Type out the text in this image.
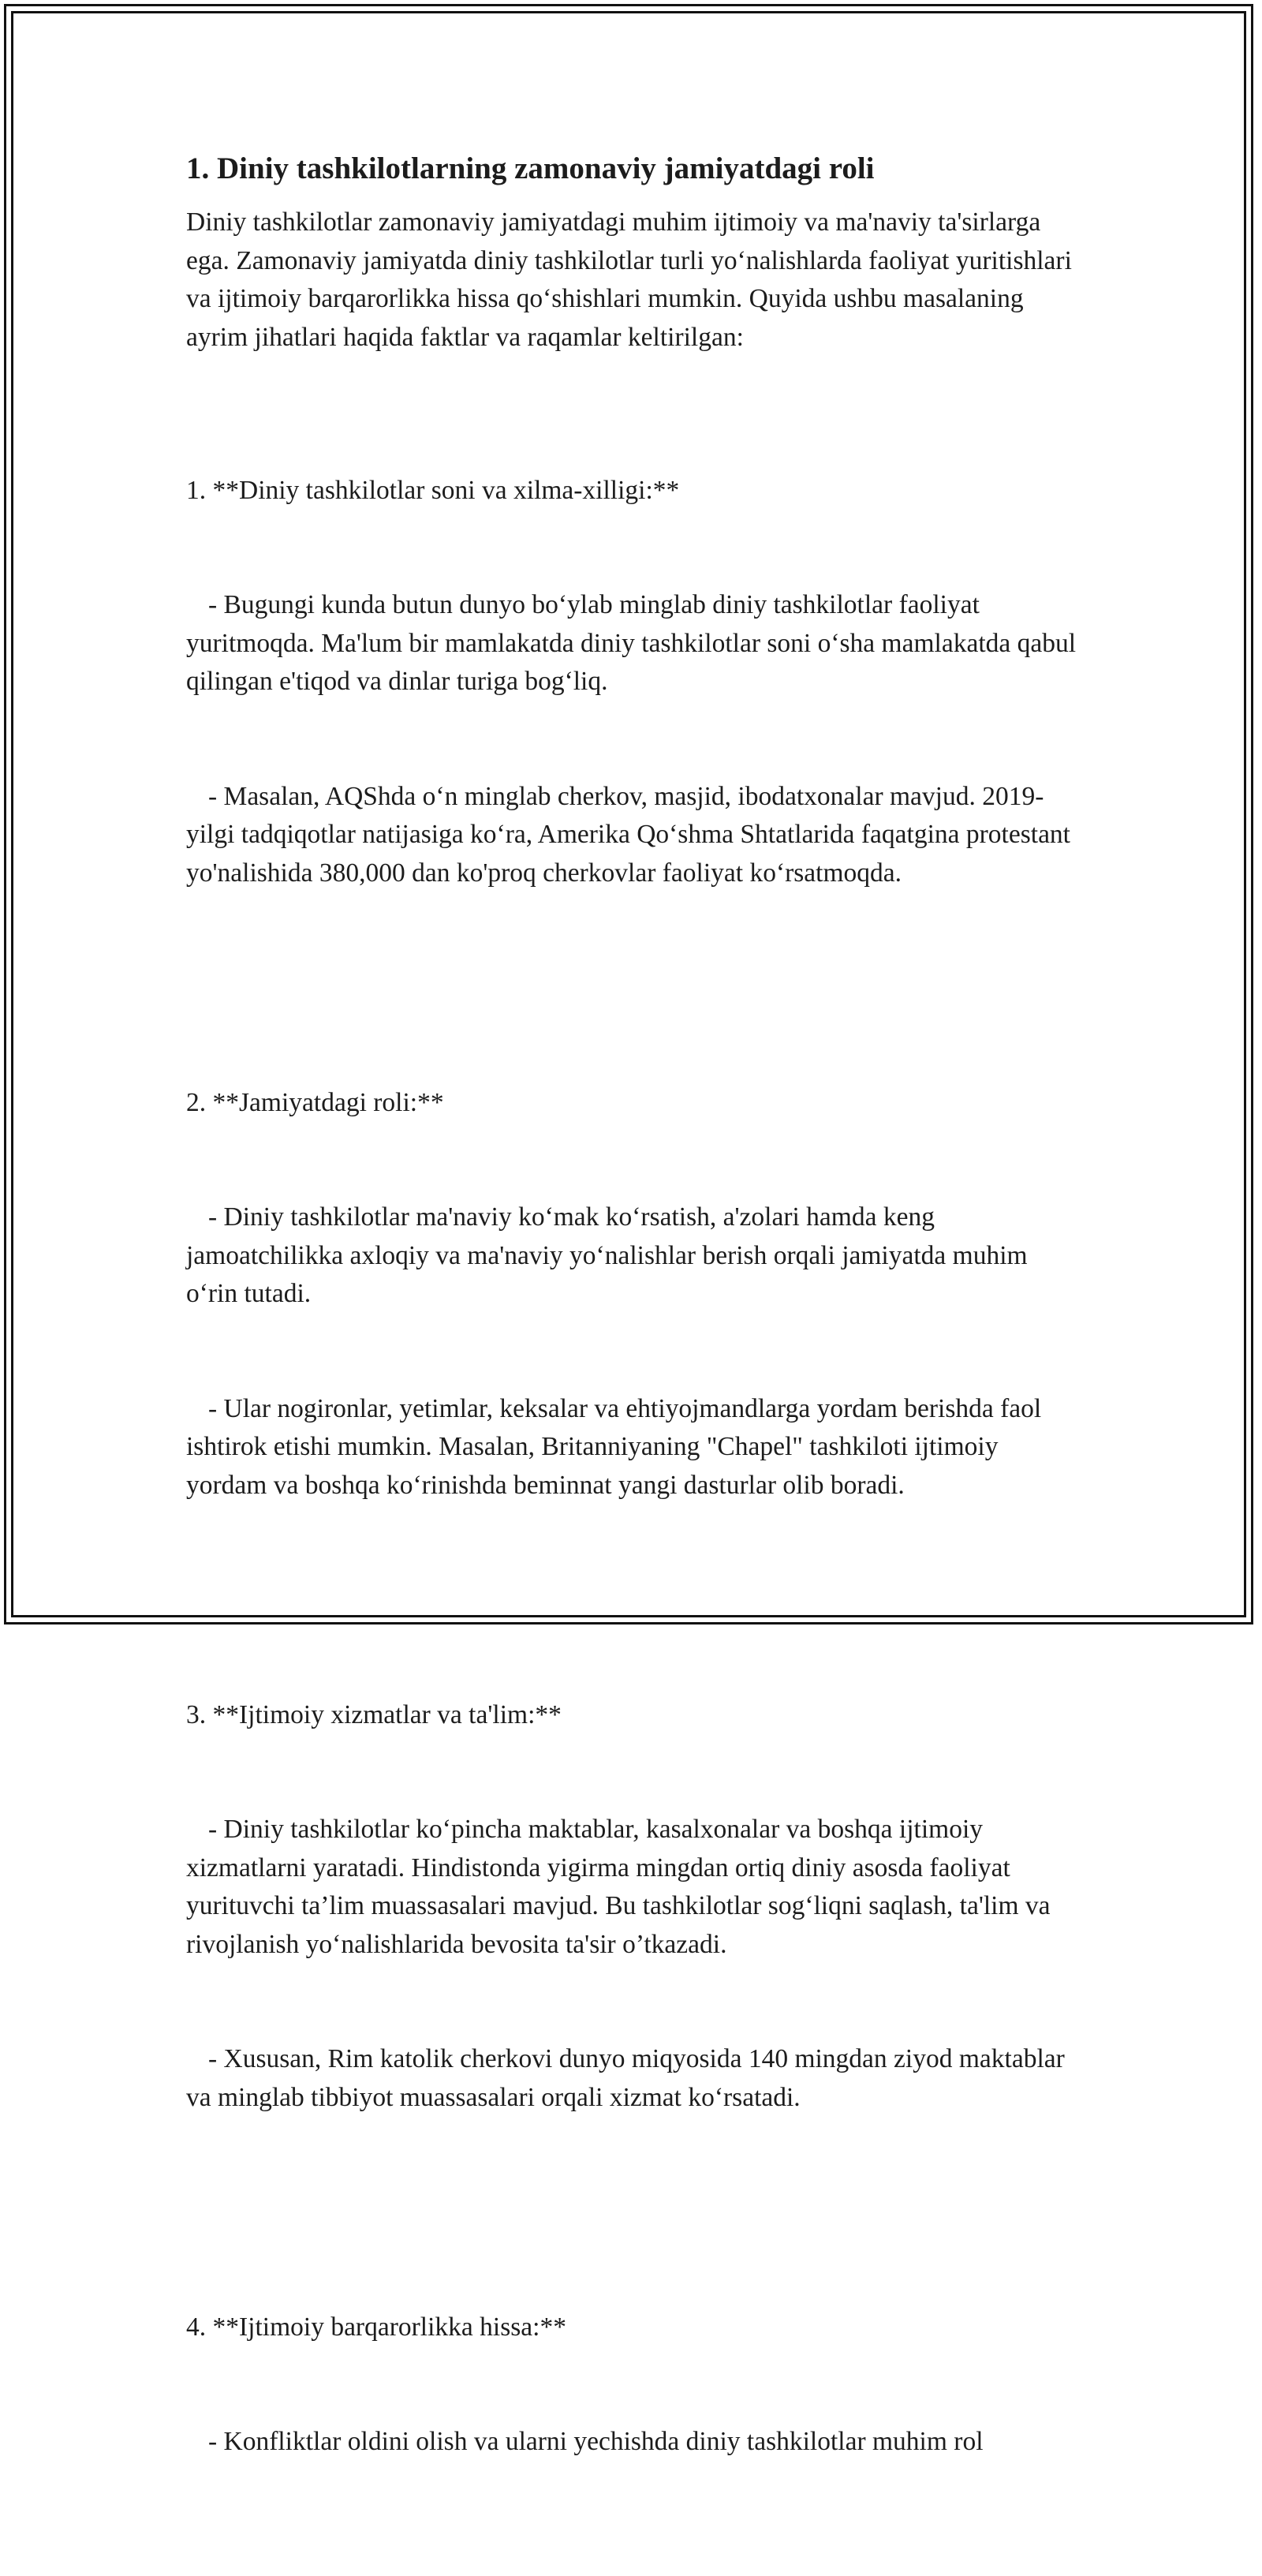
1. Diniy tashkilotlarning zamonaviy jamiyatdagi roli

Diniy tashkilotlar zamonaviy jamiyatdagi muhim ijtimoiy va ma'naviy ta'sirlarga ega. Zamonaviy jamiyatda diniy tashkilotlar turli yo‘nalishlarda faoliyat yuritishlari va ijtimoiy barqarorlikka hissa qo‘shishlari mumkin. Quyida ushbu masalaning ayrim jihatlari haqida faktlar va raqamlar keltirilgan:

1. **Diniy tashkilotlar soni va xilma-xilligi:**

- Bugungi kunda butun dunyo bo‘ylab minglab diniy tashkilotlar faoliyat yuritmoqda. Ma'lum bir mamlakatda diniy tashkilotlar soni o‘sha mamlakatda qabul qilingan e'tiqod va dinlar turiga bog‘liq.

- Masalan, AQShda o‘n minglab cherkov, masjid, ibodatxonalar mavjud. 2019-yilgi tadqiqotlar natijasiga ko‘ra, Amerika Qo‘shma Shtatlarida faqatgina protestant yo'nalishida 380,000 dan ko'proq cherkovlar faoliyat ko‘rsatmoqda.

2. **Jamiyatdagi roli:**

- Diniy tashkilotlar ma'naviy ko‘mak ko‘rsatish, a'zolari hamda keng jamoatchilikka axloqiy va ma'naviy yo‘nalishlar berish orqali jamiyatda muhim o‘rin tutadi.

- Ular nogironlar, yetimlar, keksalar va ehtiyojmandlarga yordam berishda faol ishtirok etishi mumkin. Masalan, Britanniyaning "Chapel" tashkiloti ijtimoiy yordam va boshqa ko‘rinishda beminnat yangi dasturlar olib boradi.

3. **Ijtimoiy xizmatlar va ta'lim:**

- Diniy tashkilotlar ko‘pincha maktablar, kasalxonalar va boshqa ijtimoiy xizmatlarni yaratadi. Hindistonda yigirma mingdan ortiq diniy asosda faoliyat yurituvchi ta’lim muassasalari mavjud. Bu tashkilotlar sog‘liqni saqlash, ta'lim va rivojlanish yo‘nalishlarida bevosita ta'sir o’tkazadi.

- Xususan, Rim katolik cherkovi dunyo miqyosida 140 mingdan ziyod maktablar va minglab tibbiyot muassasalari orqali xizmat ko‘rsatadi.

4. **Ijtimoiy barqarorlikka hissa:**

- Konfliktlar oldini olish va ularni yechishda diniy tashkilotlar muhim rol
